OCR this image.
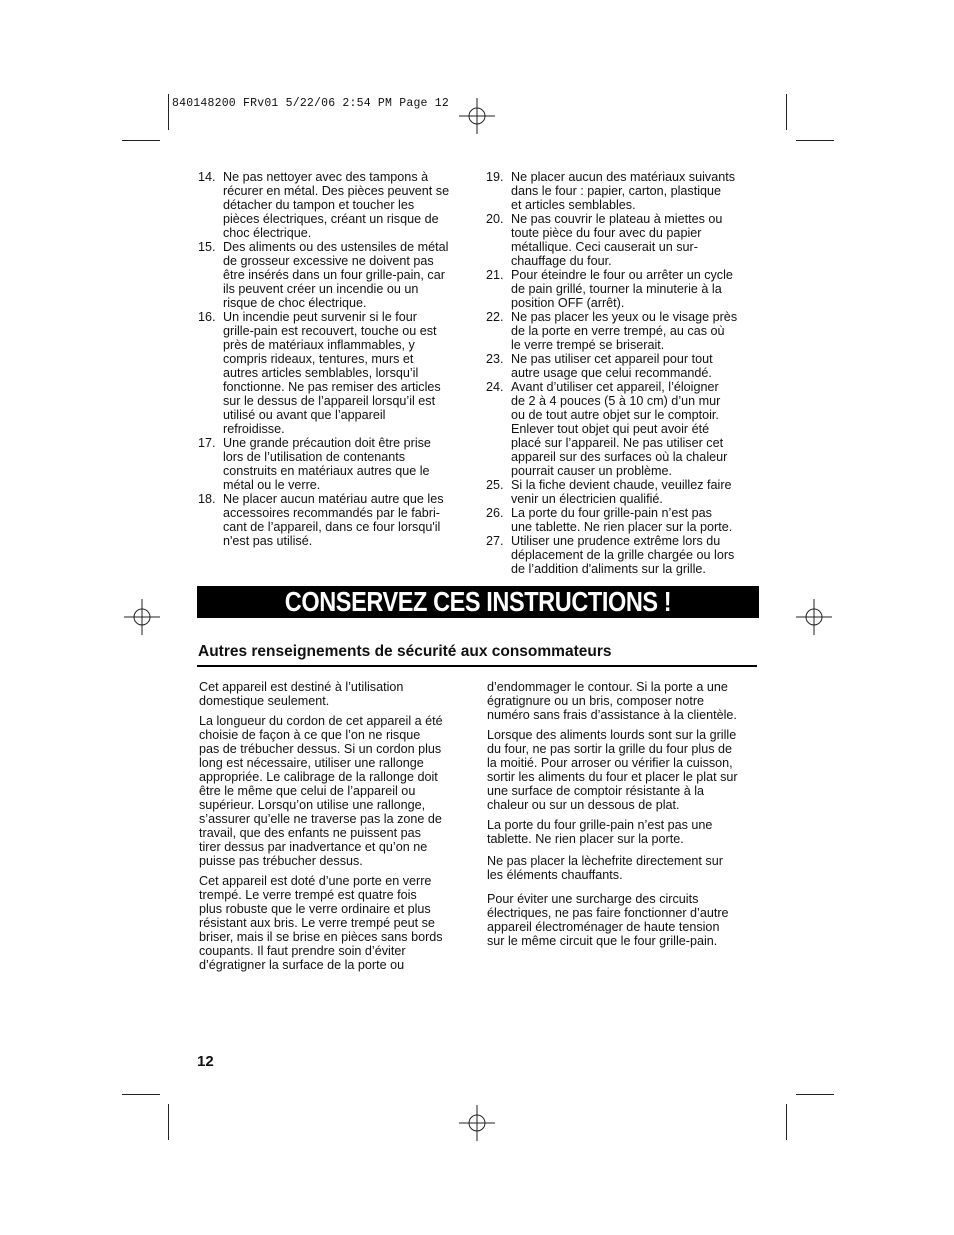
840148200 FRv01 5/22/06 2:54 PM Page 12
14. Ne pas nettoyer avec des tampons à
récurer en métal. Des pièces peuvent se
détacher du tampon et toucher les
pièces électriques, créant un risque de
choc électrique.
15. Des aliments ou des ustensiles de métal
de grosseur excessive ne doivent pas
être insérés dans un four grille-pain, car
ils peuvent créer un incendie ou un
risque de choc électrique.
16. Un incendie peut survenir si le four
grille-pain est recouvert, touche ou est
près de matériaux inflammables, y
compris rideaux, tentures, murs et
autres articles semblables, lorsqu’il
fonctionne. Ne pas remiser des articles
sur le dessus de l’appareil lorsqu’il est
utilisé ou avant que l’appareil
refroidisse.
17. Une grande précaution doit être prise
lors de l’utilisation de contenants
construits en matériaux autres que le
métal ou le verre.
18. Ne placer aucun matériau autre que les
accessoires recommandés par le fabri-
cant de l’appareil, dans ce four lorsqu'il
n'est pas utilisé.
19. Ne placer aucun des matériaux suivants
dans le four : papier, carton, plastique
et articles semblables.
20. Ne pas couvrir le plateau à miettes ou
toute pièce du four avec du papier
métallique. Ceci causerait un sur-
chauffage du four.
21. Pour éteindre le four ou arrêter un cycle
de pain grillé, tourner la minuterie à la
position OFF (arrêt).
22. Ne pas placer les yeux ou le visage près
de la porte en verre trempé, au cas où
le verre trempé se briserait.
23. Ne pas utiliser cet appareil pour tout
autre usage que celui recommandé.
24. Avant d’utiliser cet appareil, l’éloigner
de 2 à 4 pouces (5 à 10 cm) d’un mur
ou de tout autre objet sur le comptoir.
Enlever tout objet qui peut avoir été
placé sur l’appareil. Ne pas utiliser cet
appareil sur des surfaces où la chaleur
pourrait causer un problème.
25. Si la fiche devient chaude, veuillez faire
venir un électricien qualifié.
26. La porte du four grille-pain n’est pas
une tablette. Ne rien placer sur la porte.
27. Utiliser une prudence extrême lors du
déplacement de la grille chargée ou lors
de l’addition d'aliments sur la grille.
CONSERVEZ CES INSTRUCTIONS !
Autres renseignements de sécurité aux consommateurs

Cet appareil est destiné à l’utilisation
domestique seulement.

La longueur du cordon de cet appareil a été
choisie de façon à ce que l’on ne risque
pas de trébucher dessus. Si un cordon plus
long est nécessaire, utiliser une rallonge
appropriée. Le calibrage de la rallonge doit
être le même que celui de l’appareil ou
supérieur. Lorsqu’on utilise une rallonge,
s’assurer qu’elle ne traverse pas la zone de
travail, que des enfants ne puissent pas
tirer dessus par inadvertance et qu’on ne
puisse pas trébucher dessus.

Cet appareil est doté d’une porte en verre
trempé. Le verre trempé est quatre fois
plus robuste que le verre ordinaire et plus
résistant aux bris. Le verre trempé peut se
briser, mais il se brise en pièces sans bords
coupants. Il faut prendre soin d’éviter
d’égratigner la surface de la porte ou

d’endommager le contour. Si la porte a une
égratignure ou un bris, composer notre
numéro sans frais d’assistance à la clientèle.

Lorsque des aliments lourds sont sur la grille
du four, ne pas sortir la grille du four plus de
la moitié. Pour arroser ou vérifier la cuisson,
sortir les aliments du four et placer le plat sur
une surface de comptoir résistante à la
chaleur ou sur un dessous de plat.

La porte du four grille-pain n’est pas une
tablette. Ne rien placer sur la porte.

Ne pas placer la lèchefrite directement sur
les éléments chauffants.

Pour éviter une surcharge des circuits
électriques, ne pas faire fonctionner d’autre
appareil électroménager de haute tension
sur le même circuit que le four grille-pain.

12
